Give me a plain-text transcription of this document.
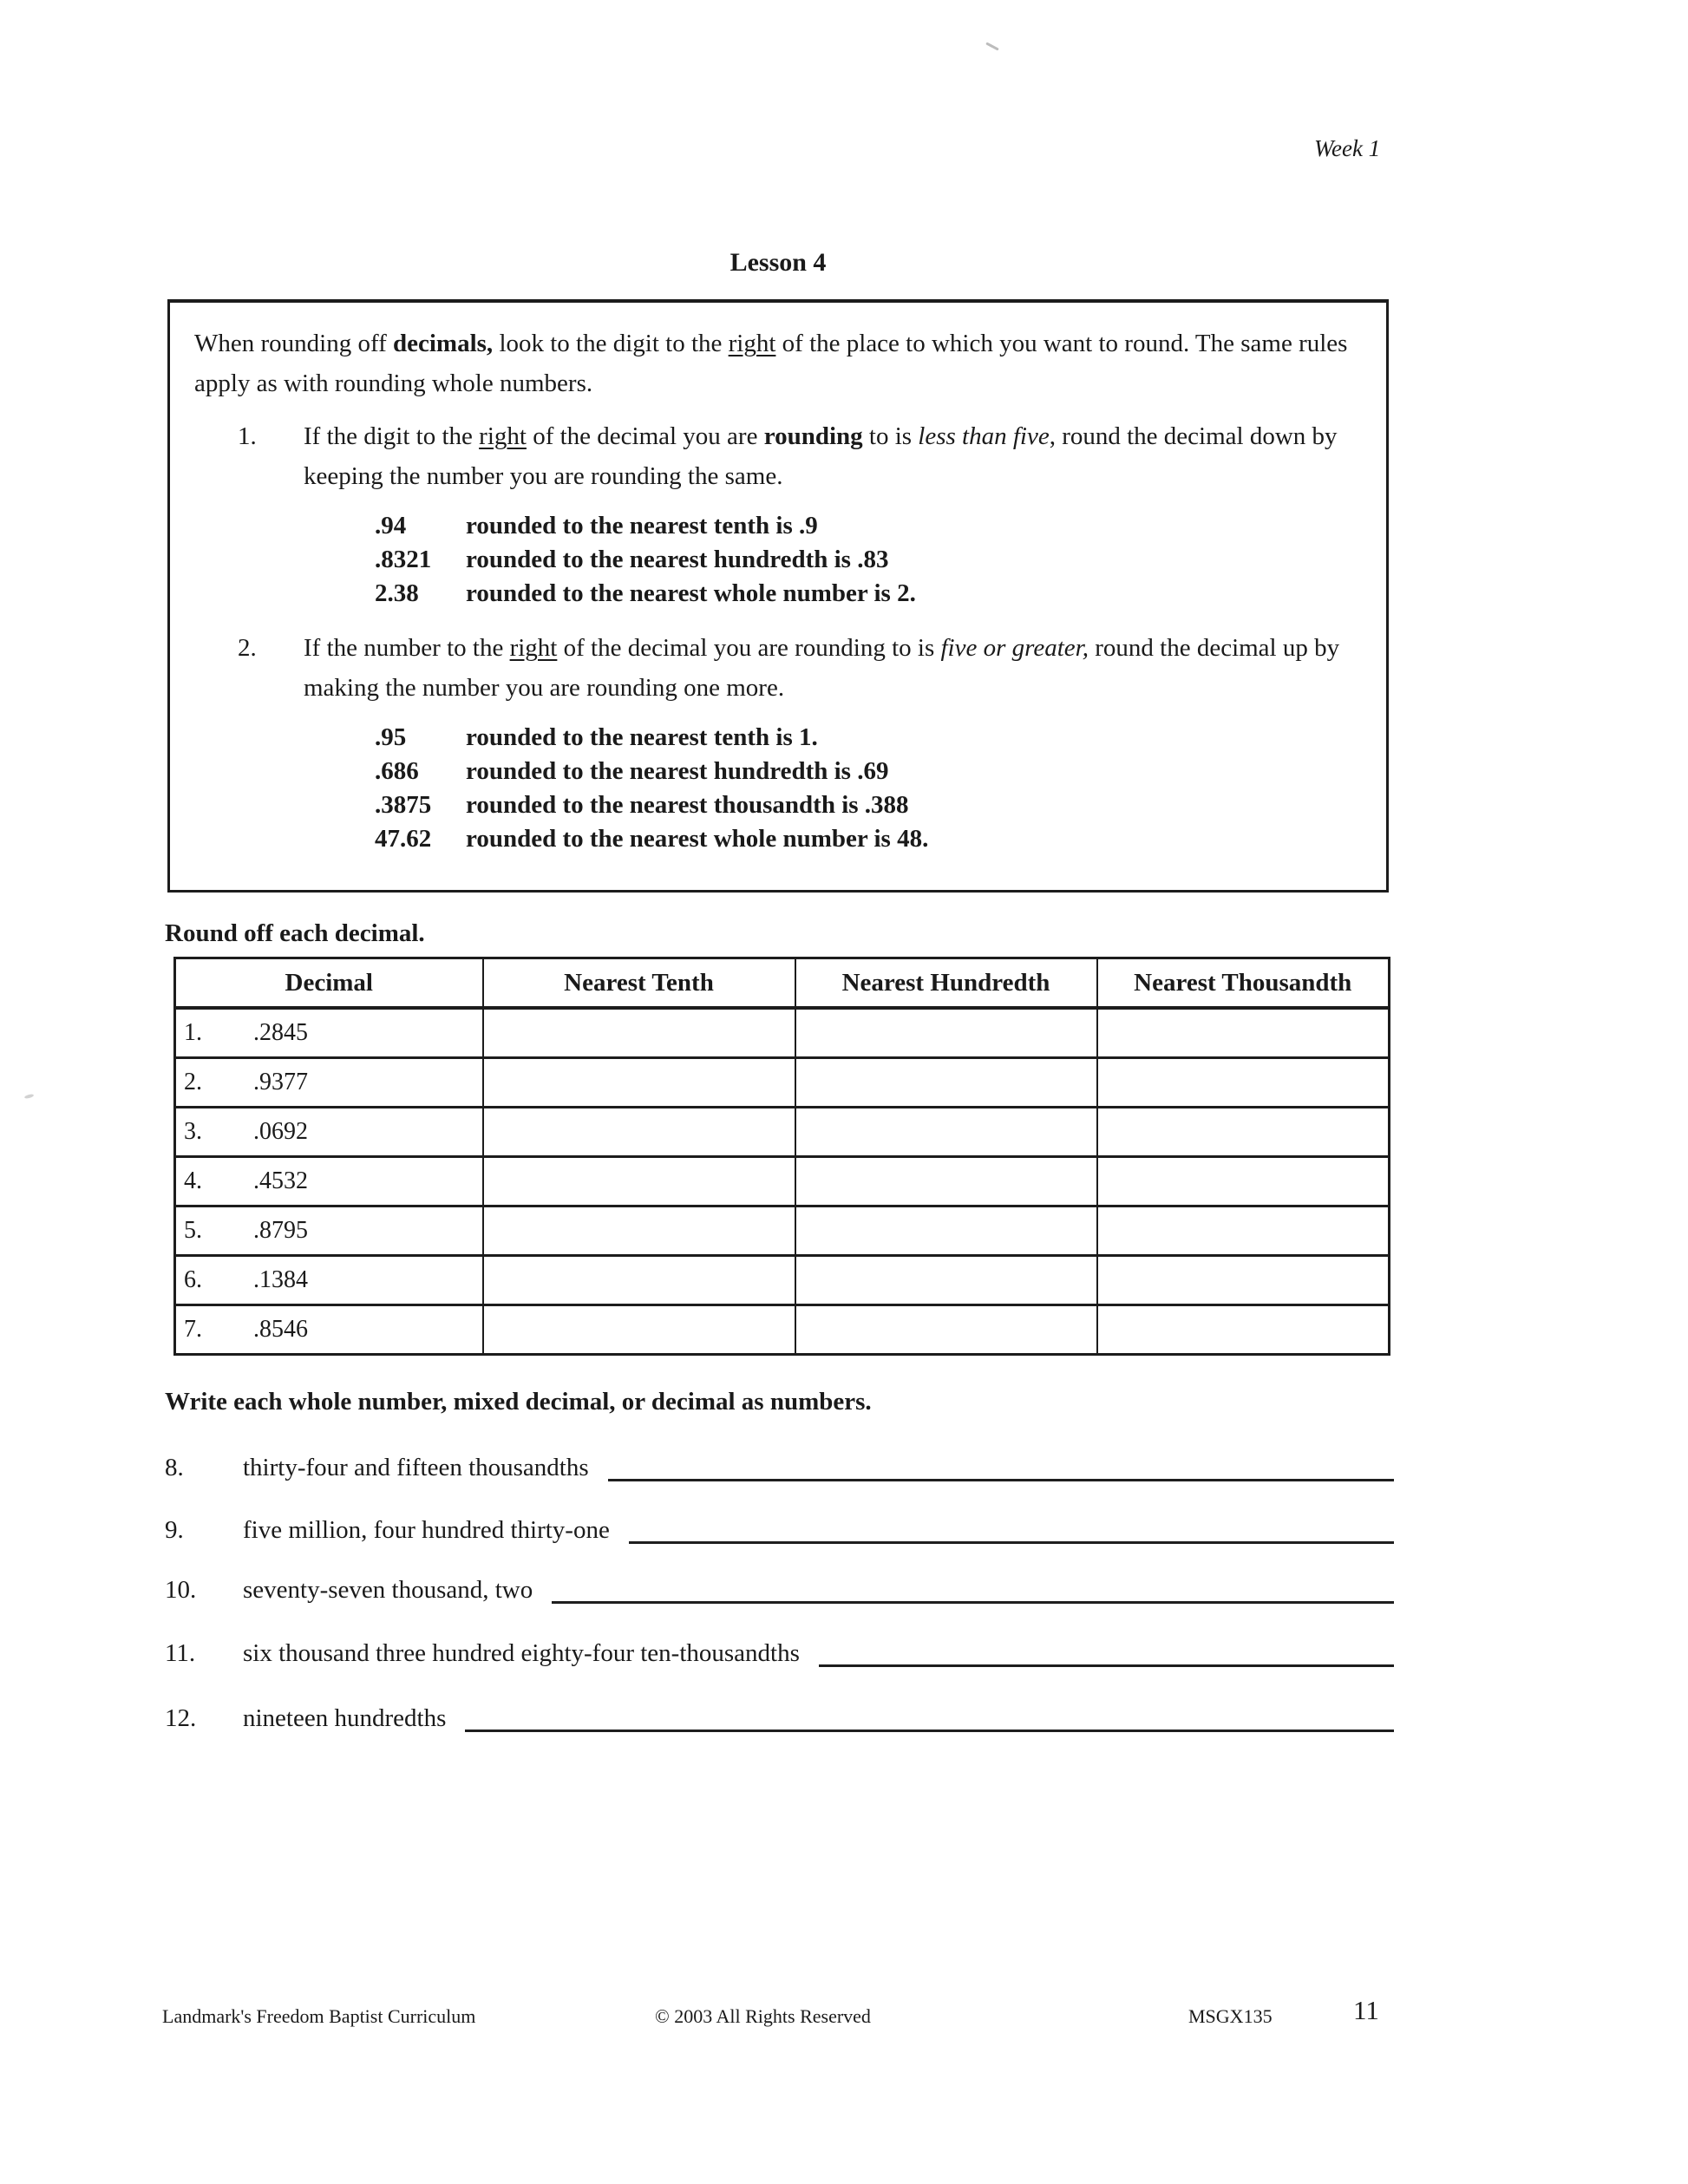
Week 1
Lesson 4

When rounding off decimals, look to the digit to the right of the place to which you want to round. The same rules apply as with rounding whole numbers.

1.	If the digit to the right of the decimal you are rounding to is less than five, round the decimal down by keeping the number you are rounding the same.

.94	rounded to the nearest tenth is .9
.8321	rounded to the nearest hundredth is .83
2.38	rounded to the nearest whole number is 2.
2.	If the number to the right of the decimal you are rounding to is five or greater, round the decimal up by making the number you are rounding one more.

.95	rounded to the nearest tenth is 1.
.686	rounded to the nearest hundredth is .69
.3875	rounded to the nearest thousandth is .388
47.62	rounded to the nearest whole number is 48.

Round off each decimal.

Decimal	Nearest Tenth	Nearest Hundredth	Nearest Thousandth

1. .2845			

2. .9377			

3. .0692			

4. .4532			

5. .8795			

6. .1384			

7. .8546			

Write each whole number, mixed decimal, or decimal as numbers.

8.	thirty-four and fifteen thousandths
9.	five million, four hundred thirty-one
10.	seventy-seven thousand, two
11.	six thousand three hundred eighty-four ten-thousandths
12.	nineteen hundredths
Landmark's Freedom Baptist Curriculum	© 2003 All Rights Reserved	MSGX135	11
